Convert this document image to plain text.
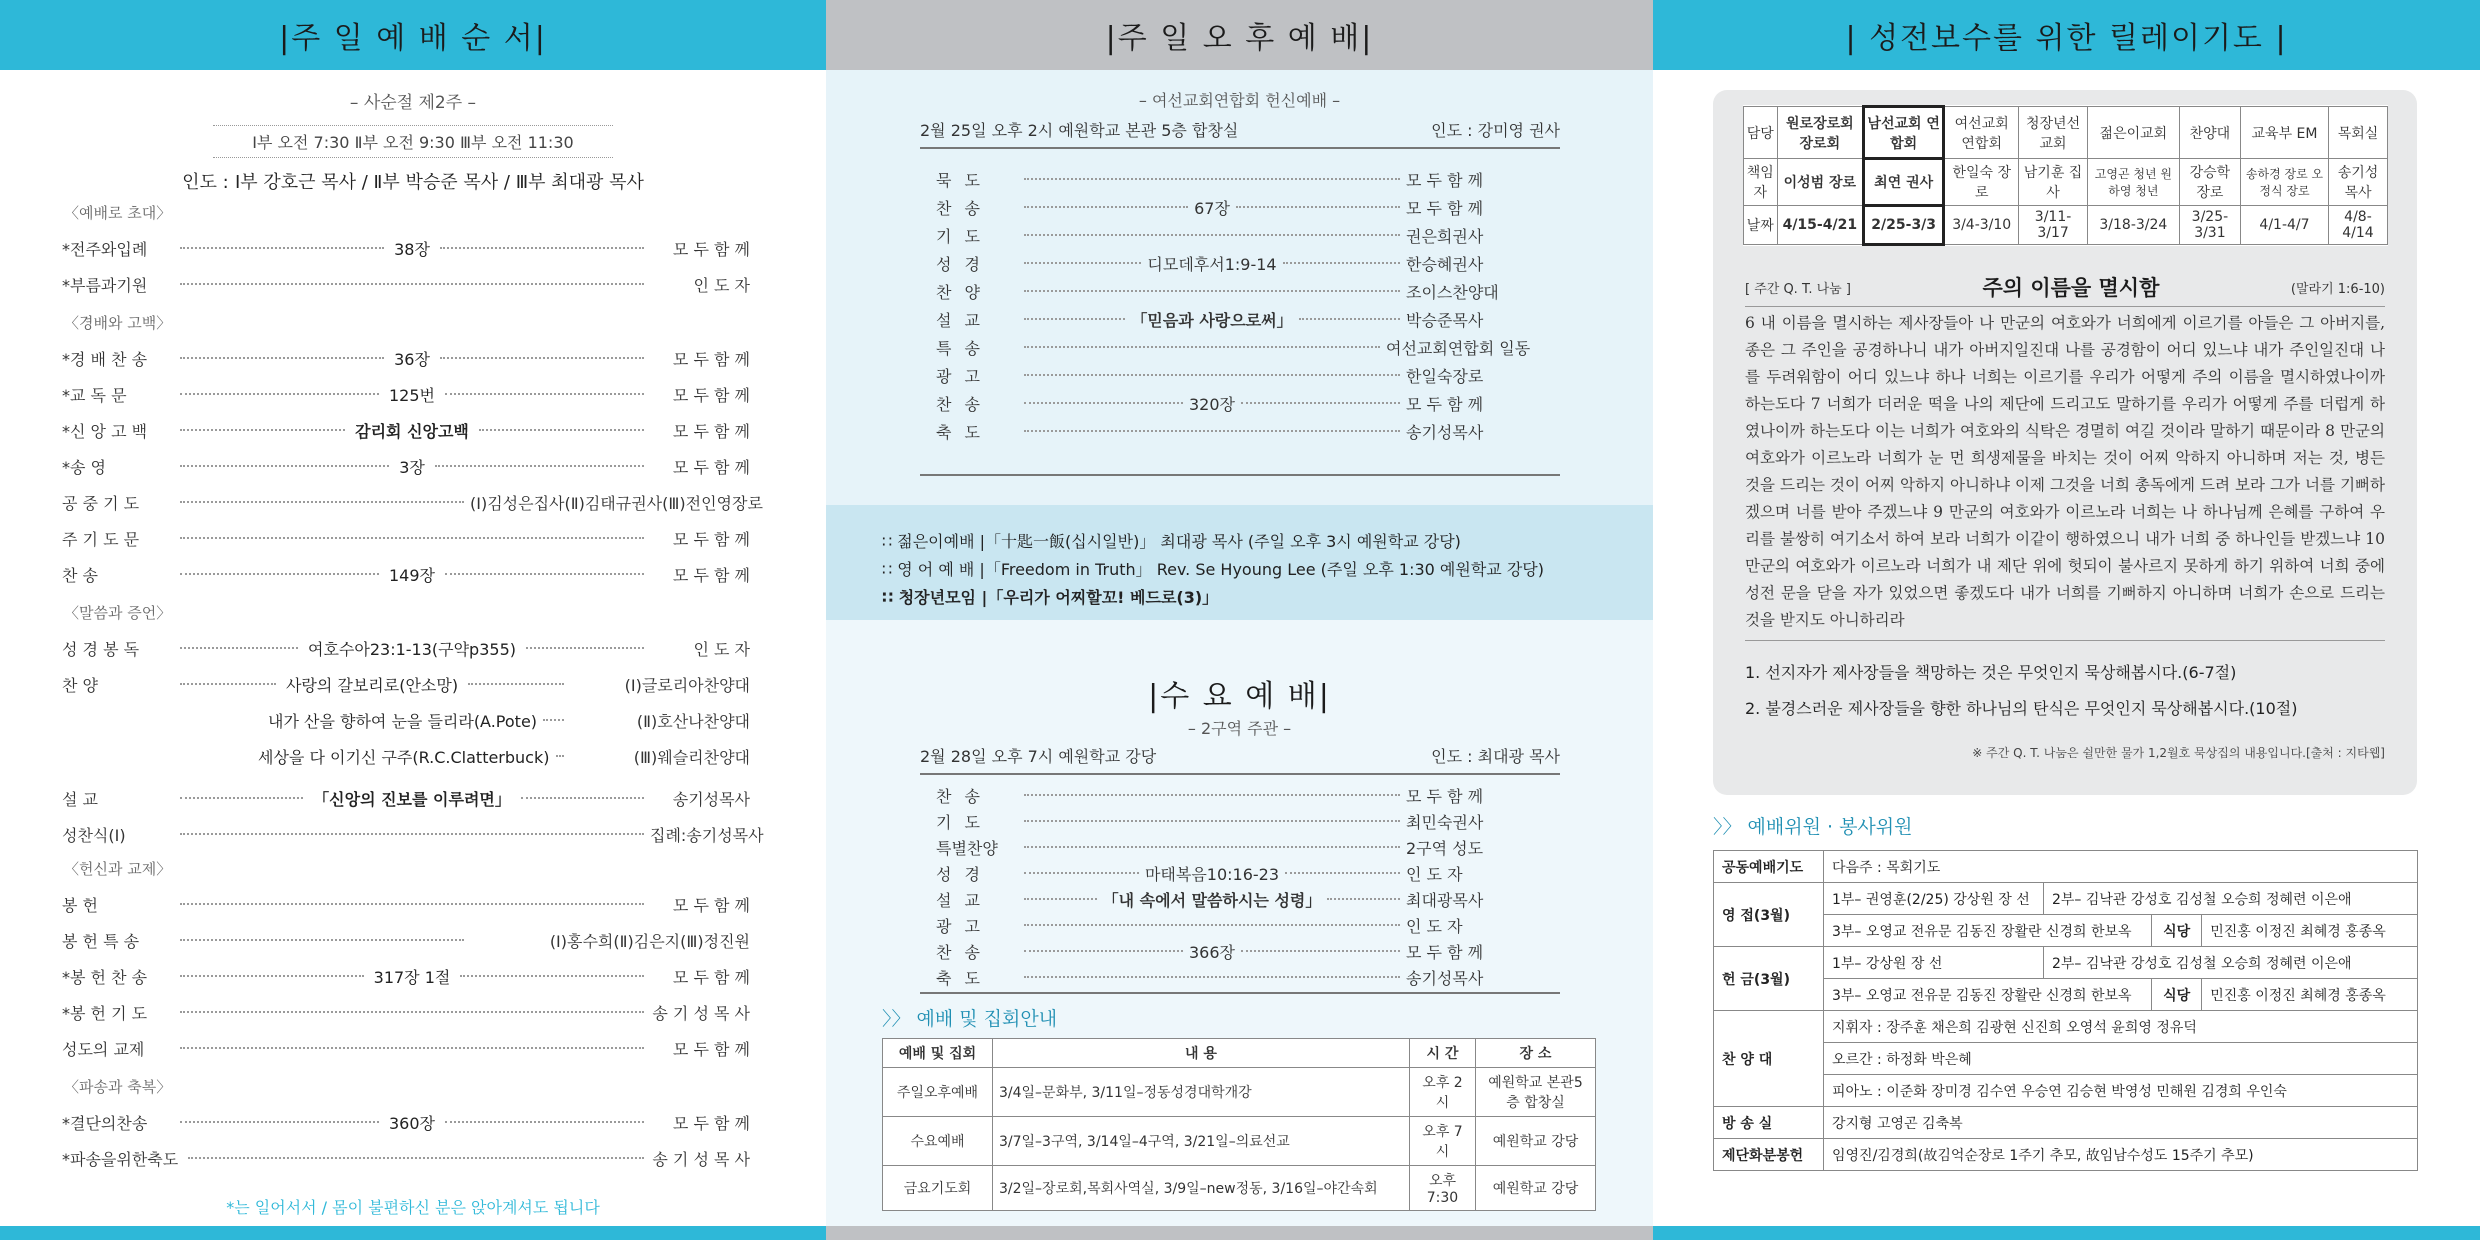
|주 일 예 배 순 서|
– 사순절 제2주 –
Ⅰ부 오전 7:30 Ⅱ부 오전 9:30 Ⅲ부 오전 11:30
인도 : Ⅰ부 강호근 목사 / Ⅱ부 박승준 목사 / Ⅲ부 최대광 목사
〈예배로 초대〉
*전주와입례	38장	모 두 함 께
*부름과기원	인 도 자
〈경배와 고백〉
*경 배 찬 송	36장	모 두 함 께
*교 독 문	125번	모 두 함 께
*신 앙 고 백	감리회 신앙고백	모 두 함 께
*송 영	3장	모 두 함 께
공 중 기 도	(Ⅰ)김성은집사(Ⅱ)김태규권사(Ⅲ)전인영장로
주 기 도 문	모 두 함 께
찬 송	149장	모 두 함 께
〈말씀과 증언〉
성 경 봉 독	여호수아23:1-13(구약p355)	인 도 자
찬 양	사랑의 갈보리로(안소망)	(Ⅰ)글로리아찬양대
내가 산을 향하여 눈을 들리라(A.Pote)	(Ⅱ)호산나찬양대
세상을 다 이기신 구주(R.C.Clatterbuck)	(Ⅲ)웨슬리찬양대
설 교	「신앙의 진보를 이루려면」	송기성목사
성찬식(Ⅰ)	집례:송기성목사
〈헌신과 교제〉
봉 헌	모 두 함 께
봉 헌 특 송	(Ⅰ)홍수희(Ⅱ)김은지(Ⅲ)정진원
*봉 헌 찬 송	317장 1절	모 두 함 께
*봉 헌 기 도	송 기 성 목 사
성도의 교제	모 두 함 께
〈파송과 축복〉
*결단의찬송	360장	모 두 함 께
*파송을위한축도	송 기 성 목 사
*는 일어서서 / 몸이 불편하신 분은 앉아계셔도 됩니다
|주 일 오 후 예 배|
– 여선교회연합회 헌신예배 –
2월 25일 오후 2시 예원학교 본관 5층 합창실	인도 : 강미영 권사
묵 도	모 두 함 께
찬 송	67장	모 두 함 께
기 도	권은희권사
성 경	디모데후서1:9-14	한승혜권사
찬 양	조이스찬양대
설 교	「믿음과 사랑으로써」	박승준목사
특 송	여선교회연합회 일동
광 고	한일숙장로
찬 송	320장	모 두 함 께
축 도	송기성목사
∷ 젊은이예배 |「十匙一飯(십시일반)」 최대광 목사 (주일 오후 3시 예원학교 강당)
∷ 영 어 예 배 |「Freedom in Truth」 Rev. Se Hyoung Lee (주일 오후 1:30 예원학교 강당)
∷ 청장년모임 |「우리가 어찌할꼬! 베드로(3)」
|수 요 예 배|
– 2구역 주관 –
2월 28일 오후 7시 예원학교 강당	인도 : 최대광 목사
찬 송	모 두 함 께
기 도	최민숙권사
특별찬양	2구역 성도
성 경	마태복음10:16-23	인 도 자
설 교	「내 속에서 말씀하시는 성령」	최대광목사
광 고	인 도 자
찬 송	366장	모 두 함 께
축 도	송기성목사
〉〉 예배 및 집회안내
예배 및 집회	내 용	시 간	장 소
주일오후예배	3/4일–문화부, 3/11일–정동성경대학개강	오후 2시	예원학교 본관5층 합창실
수요예배	3/7일–3구역, 3/14일–4구역, 3/21일–의료선교	오후 7시	예원학교 강당
금요기도회	3/2일–장로회,목회사역실, 3/9일–new정동, 3/16일–야간속회	오후7:30	예원학교 강당
| 성전보수를 위한 릴레이기도 |
담당	원로장로회 장로회	남선교회 연합회	여선교회 연합회	청장년선 교회	젊은이교회	찬양대	교육부 EM	목회실
책임자	이성범 장로	최연 권사	한일숙 장로	남기훈 집사	고영곤 청년 원하영 청년	강승학 장로	송하경 장로 오정식 장로	송기성 목사
날짜	4/15-4/21	2/25-3/3	3/4-3/10	3/11-3/17	3/18-3/24	3/25-3/31	4/1-4/7	4/8-4/14
[ 주간 Q. T. 나눔 ]	주의 이름을 멸시함	(말라기 1:6-10)
6 내 이름을 멸시하는 제사장들아 나 만군의 여호와가 너희에게 이르기를 아들은 그 아버지를, 종은 그 주인을 공경하나니 내가 아버지일진대 나를 공경함이 어디 있느냐 내가 주인일진대 나를 두려워함이 어디 있느냐 하나 너희는 이르기를 우리가 어떻게 주의 이름을 멸시하였나이까 하는도다 7 너희가 더러운 떡을 나의 제단에 드리고도 말하기를 우리가 어떻게 주를 더럽게 하였나이까 하는도다 이는 너희가 여호와의 식탁은 경멸히 여길 것이라 말하기 때문이라 8 만군의 여호와가 이르노라 너희가 눈 먼 희생제물을 바치는 것이 어찌 악하지 아니하며 저는 것, 병든 것을 드리는 것이 어찌 악하지 아니하냐 이제 그것을 너희 총독에게 드려 보라 그가 너를 기뻐하겠으며 너를 받아 주겠느냐 9 만군의 여호와가 이르노라 너희는 나 하나님께 은혜를 구하여 우리를 불쌍히 여기소서 하여 보라 너희가 이같이 행하였으니 내가 너희 중 하나인들 받겠느냐 10 만군의 여호와가 이르노라 너희가 내 제단 위에 헛되이 불사르지 못하게 하기 위하여 너희 중에 성전 문을 닫을 자가 있었으면 좋겠도다 내가 너희를 기뻐하지 아니하며 너희가 손으로 드리는 것을 받지도 아니하리라
1. 선지자가 제사장들을 책망하는 것은 무엇인지 묵상해봅시다.(6-7절)
2. 불경스러운 제사장들을 향한 하나님의 탄식은 무엇인지 묵상해봅시다.(10절)
※ 주간 Q. T. 나눔은 쉴만한 물가 1,2월호 묵상집의 내용입니다.[출처 : 지타웹]
〉〉 예배위원 · 봉사위원
공동예배기도	다음주 : 목회기도			
영 접(3월)	1부– 권영훈(2/25) 강상원 장 선	2부– 김낙관 강성호 김성철 오승희 정혜련 이은애		
	3부– 오영교 전유문 김동진 장활란 신경희 한보옥		식당	민진홍 이정진 최혜경 홍종옥
헌 금(3월)	1부– 강상원 장 선	2부– 김낙관 강성호 김성철 오승희 정혜련 이은애		
	3부– 오영교 전유문 김동진 장활란 신경희 한보옥		식당	민진홍 이정진 최혜경 홍종옥
찬 양 대	지휘자 : 장주훈 채은희 김광현 신진희 오영석 윤희영 정유덕			
	오르간 : 하정화 박은혜			
	피아노 : 이준화 장미경 김수연 우승연 김승현 박영성 민해원 김경희 우인숙			
방 송 실	강지형 고영곤 김축복			
제단화분봉헌	임영진/김경희(故김억순장로 1주기 추모, 故임남수성도 15주기 추모)			
